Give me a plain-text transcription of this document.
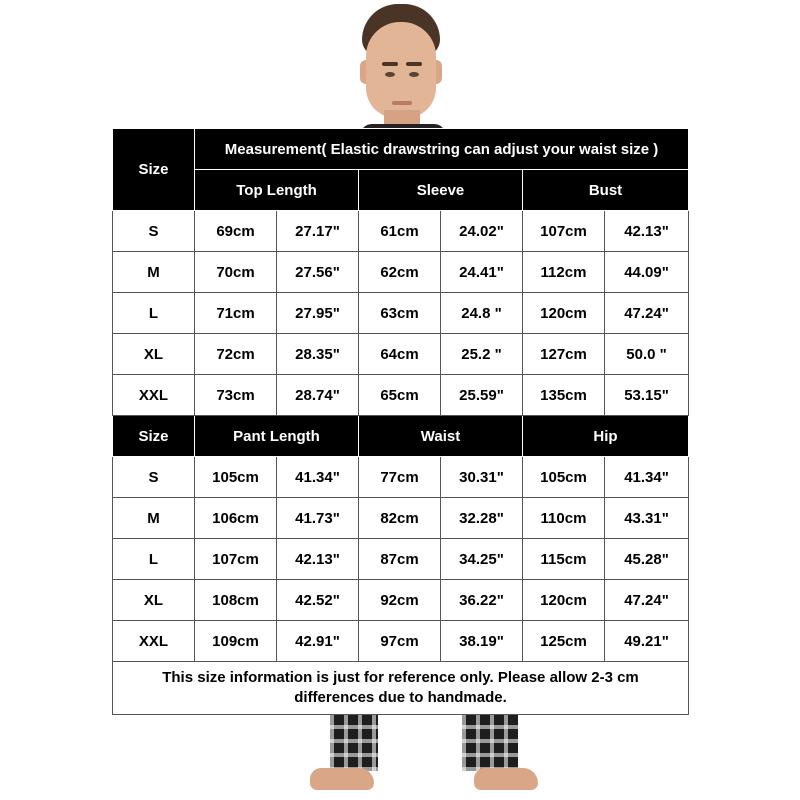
Size	Measurement( Elastic drawstring can adjust your waist size )					
	Top Length		Sleeve		Bust	
S	69cm	27.17"	61cm	24.02"	107cm	42.13"
M	70cm	27.56"	62cm	24.41"	112cm	44.09"
L	71cm	27.95"	63cm	24.8 "	120cm	47.24"
XL	72cm	28.35"	64cm	25.2 "	127cm	50.0 "
XXL	73cm	28.74"	65cm	25.59"	135cm	53.15"
Size	Pant Length		Waist		Hip	
S	105cm	41.34"	77cm	30.31"	105cm	41.34"
M	106cm	41.73"	82cm	32.28"	110cm	43.31"
L	107cm	42.13"	87cm	34.25"	115cm	45.28"
XL	108cm	42.52"	92cm	36.22"	120cm	47.24"
XXL	109cm	42.91"	97cm	38.19"	125cm	49.21"
This size information is just for reference only. Please allow 2-3 cm differences due to handmade.						
